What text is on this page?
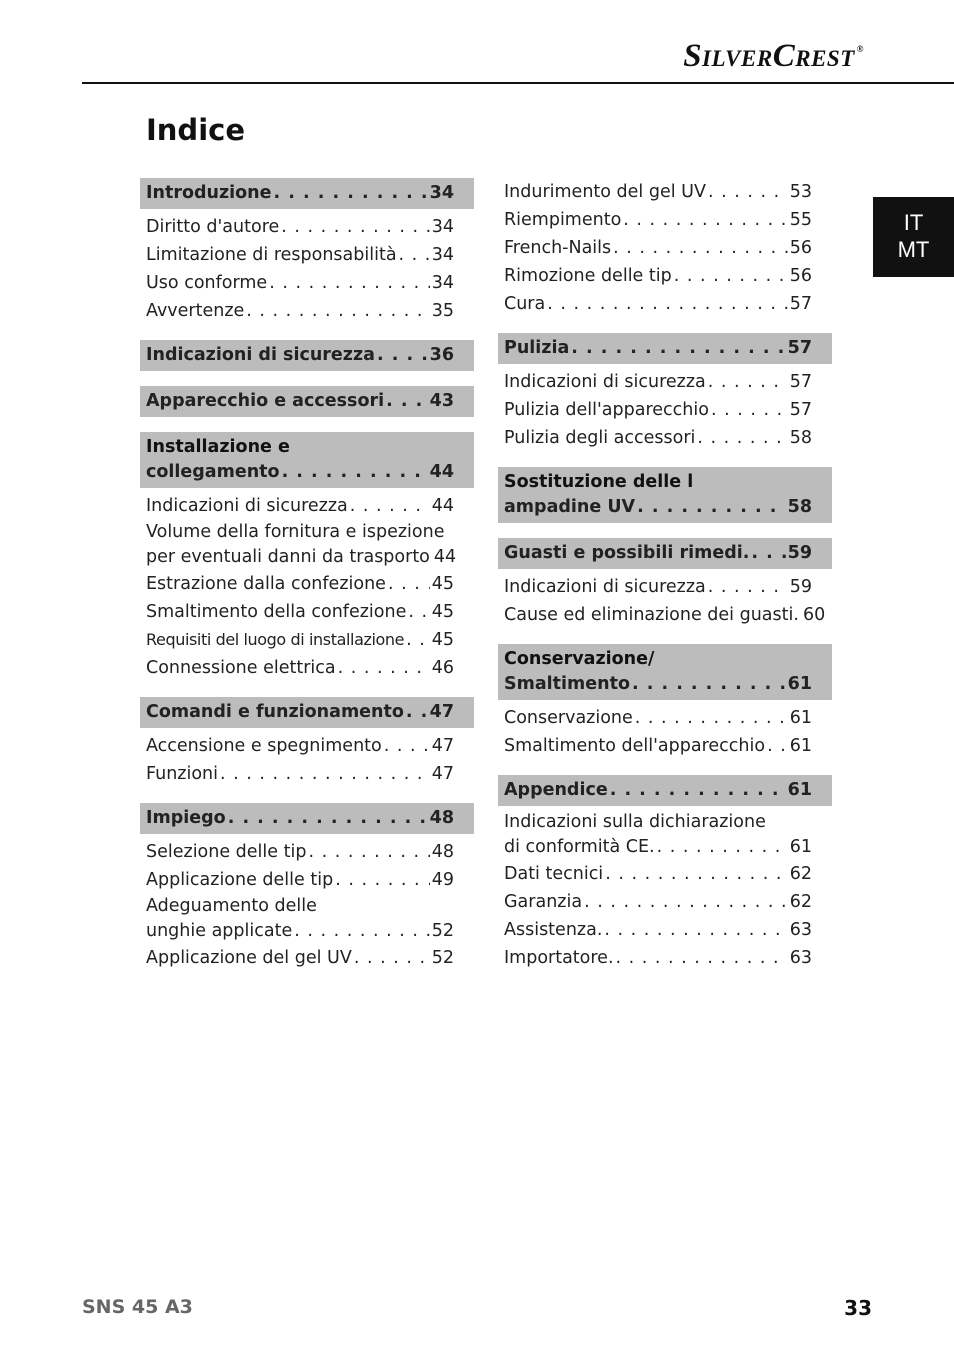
SilverCrest ®
Indice
IT
MT
Introduzione . . .	34
Diritto d'autore . . .	34
Limitazione di responsabilità . . . 34
Uso conforme . . .	34
Avvertenze . . .	35
Indicazioni di sicurezza . . .	36
Apparecchio e accessori . . .	43
Installazione e
collegamento . . .	44
Indicazioni di sicurezza . . .	44
Volume della fornitura e ispezione
per eventuali danni da trasporto 44
Estrazione dalla confezione . . .	45
Smaltimento della confezione . . . 45
Requisiti del luogo di installazione . . . 45
Connessione elettrica . . .	46
Comandi e funzionamento . . . 47
Accensione e spegnimento . . .	47
Funzioni . . .	47
Impiego . . .	48
Selezione delle tip . . .	48
Applicazione delle tip . . .	49
Adeguamento delle
unghie applicate . . .	52
Applicazione del gel UV . . .	52
Indurimento del gel UV . . .	53
Riempimento . . .	55
French-Nails . . .	56
Rimozione delle tip . . .	56
Cura . . .	57
Pulizia . . .	57
Indicazioni di sicurezza . . .	57
Pulizia dell'apparecchio . . .	57
Pulizia degli accessori . . .	58
Sostituzione delle l
ampadine UV . . .	58
Guasti e possibili rimedi. . . . 59
Indicazioni di sicurezza . . .	59
Cause ed eliminazione dei guasti. 60
Conservazione/
Smaltimento . . .	61
Conservazione . . .	61
Smaltimento dell'apparecchio . . . 61
Appendice . . .	61
Indicazioni sulla dichiarazione
di conformità CE. . . .	61
Dati tecnici . . .	62
Garanzia . . .	62
Assistenza. . . .	63
Importatore. . . .	63
SNS 45 A3	33
